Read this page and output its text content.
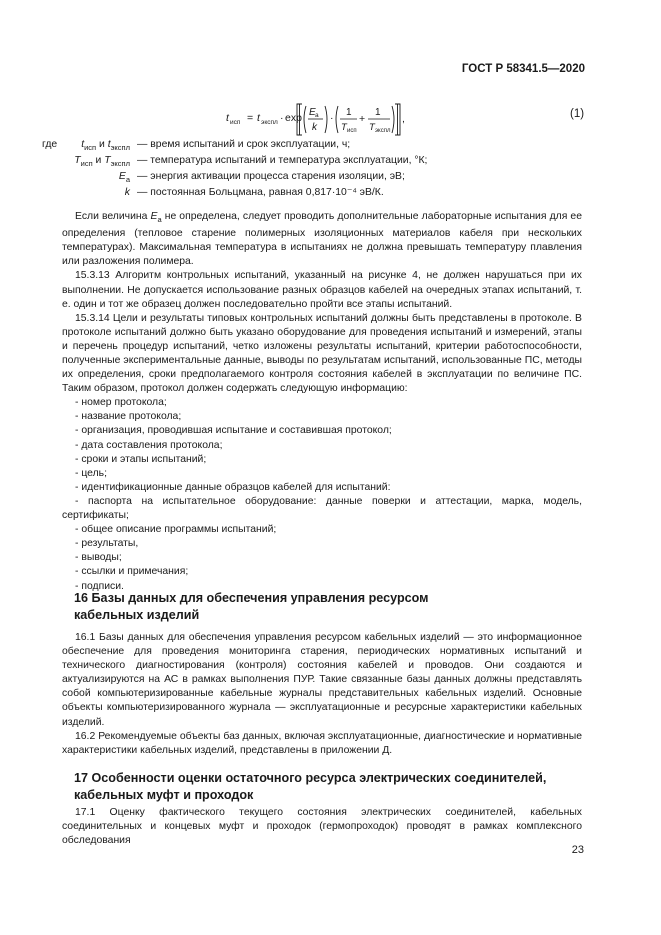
ГОСТ Р 58341.5—2020
t исп = t экспл · exp E a
k
· 1
T исп
+
1
T экспл
,	(1)
где	$t_{исп}$ и $t_{экспл}$ — время испытаний и срок эксплуатации, ч;
$T_{исп}$ и $T_{экспл}$ — температура испытаний и температура эксплуатации, °К;
$E_a$ — энергия активации процесса старения изоляции, эВ;
k — постоянная Больцмана, равная 0,817·10⁻⁴ эВ/К.

Если величина $E_a$ не определена, следует проводить дополнительные лабораторные испытания для ее определения (тепловое старение полимерных изоляционных материалов кабеля при нескольких температурах). Максимальная температура в испытаниях не должна превышать температуру плавления или разложения полимера.

15.3.13 Алгоритм контрольных испытаний, указанный на рисунке 4, не должен нарушаться при их выполнении. Не допускается использование разных образцов кабелей на очередных этапах испытаний, т. е. один и тот же образец должен последовательно пройти все этапы испытаний.

15.3.14 Цели и результаты типовых контрольных испытаний должны быть представлены в протоколе. В протоколе испытаний должно быть указано оборудование для проведения испытаний и измерений, этапы и перечень процедур испытаний, четко изложены результаты испытаний, критерии работоспособности, полученные экспериментальные данные, выводы по результатам испытаний, использованные ПС, методы их определения, сроки предполагаемого контроля состояния кабелей в эксплуатации по величине ПС. Таким образом, протокол должен содержать следующую информацию:

- номер протокола;
- название протокола;
- организация, проводившая испытание и составившая протокол;
- дата составления протокола;
- сроки и этапы испытаний;
- цель;
- идентификационные данные образцов кабелей для испытаний:
- паспорта на испытательное оборудование: данные поверки и аттестации, марка, модель, сертификаты;
- общее описание программы испытаний;
- результаты,
- выводы;
- ссылки и примечания;
- подписи.
16 Базы данных для обеспечения управления ресурсом
кабельных изделий

16.1 Базы данных для обеспечения управления ресурсом кабельных изделий — это информационное обеспечение для проведения мониторинга старения, периодических нормативных испытаний и технического диагностирования (контроля) состояния кабелей и проводов. Они создаются и актуализируются на АС в рамках выполнения ПУР. Такие связанные базы данных должны представлять собой компьютеризированные кабельные журналы представительных кабельных изделий. Основные объекты компьютеризированного журнала — эксплуатационные и ресурсные характеристики кабельных изделий.

16.2 Рекомендуемые объекты баз данных, включая эксплуатационные, диагностические и нормативные характеристики кабельных изделий, представлены в приложении Д.

17 Особенности оценки остаточного ресурса электрических соединителей,
кабельных муфт и проходок

17.1 Оценку фактического текущего состояния электрических соединителей, кабельных соединительных и концевых муфт и проходок (гермопроходок) проводят в рамках комплексного обследования

23
